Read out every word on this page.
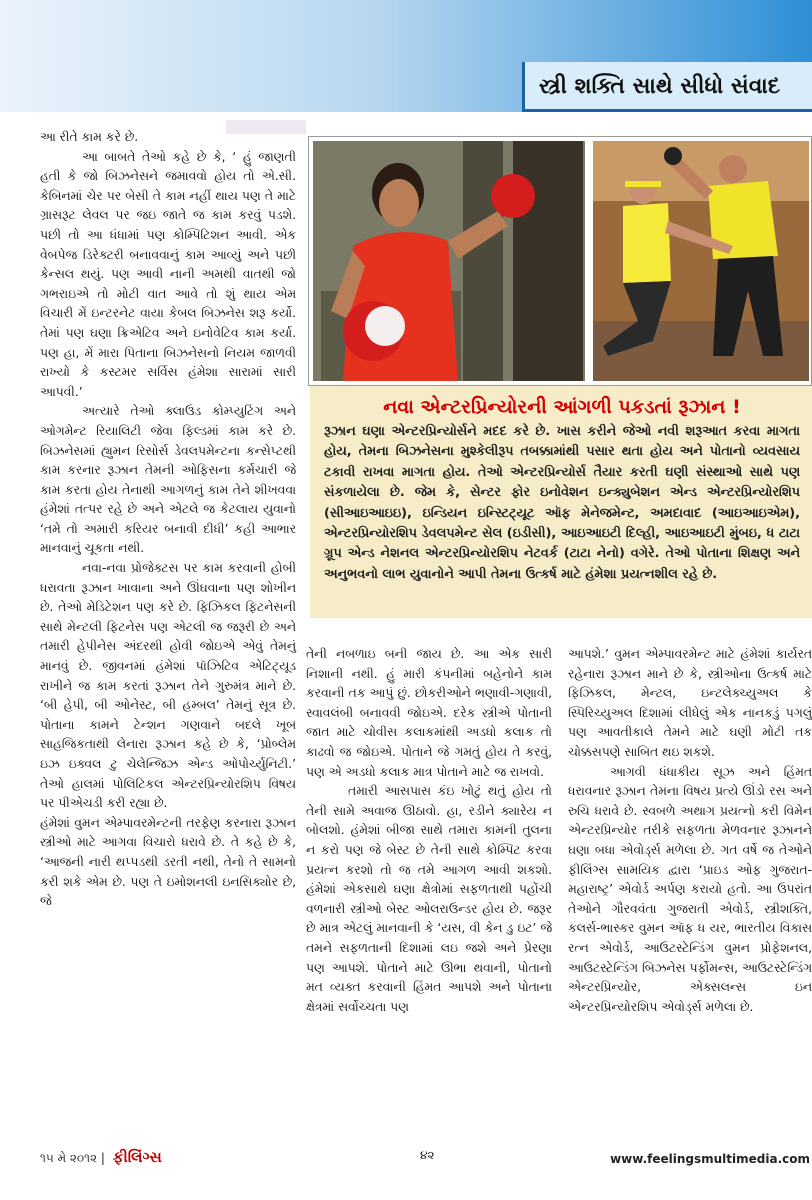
સ્ત્રી શક્તિ સાથે સીધો સંવાદ

આ રીતે કામ કરે છે.

આ બાબતે તેઓ કહે છે કે, ‘ હું જાણતી હતી કે જો બિઝનેસને જમાવવો હોય તો એ.સી. કેબિનમાં ચેર પર બેસી તે કામ નહીં થાય પણ તે માટે ગ્રાસરૂટ લેવલ પર જઇ જાતે જ કામ કરવું પડશે. પછી તો આ ધંધામાં પણ કોમ્પિટિશન આવી. એક વેબપેજ ડિરેક્ટરી બનાવવાનું કામ આવ્યું અને પછી કેન્સલ થયું. પણ આવી નાની અમથી વાતથી જો ગભરાઇએ તો મોટી વાત આવે તો શું થાય એમ વિચારી મેં ઇન્ટરનેટ વાયા કેબલ બિઝનેસ શરૂ કર્યો. તેમાં પણ ઘણા ક્રિએટિવ અને ઇનોવેટિવ કામ કર્યા. પણ હા, મેં મારા પિતાના બિઝનેસનો નિયમ જાળવી રાખ્યો કે કસ્ટમર સર્વિસ હંમેશા સારામાં સારી આપવી.’

અત્યારે તેઓ ક્લાઉડ કોમ્પ્યુટિંગ અને ઓગમેન્ટ રિયાલિટી જેવા ફિલ્ડમાં કામ કરે છે. બિઝનેસમાં હ્યુમન રિસોર્સ ડેવલપમેન્ટના કન્સેપ્ટથી કામ કરનાર રૂઝાન તેમની ઓફિસના કર્મચારી જે કામ કરતા હોય તેનાથી આગળનું કામ તેને શીખવવા હંમેશાં તત્પર રહે છે અને એટલે જ કેટલાય યુવાનો ‘તમે તો અમારી કરિયર બનાવી દીધી’ કહી આભાર માનવાનું ચૂકતા નથી.

નવા-નવા પ્રોજેક્ટસ પર કામ કરવાની હોબી ધરાવતા રૂઝાન ખાવાના અને ઊંઘવાના પણ શોખીન છે. તેઓ મેડિટેશન પણ કરે છે. ફિઝિકલ ફિટનેસની સાથે મેન્ટલી ફિટનેસ પણ એટલી જ જરૂરી છે અને તમારી હેપીનેસ અંદરથી હોવી જોઇએ એવું તેમનું માનવું છે. જીવનમાં હંમેશાં પૉઝિટિવ એટિટ્યૂડ રાખીને જ કામ કરતાં રૂઝાન તેને ગુરુમંત્ર માને છે. ‘બી હેપી, બી ઓનેસ્ટ, બી હમ્બલ’ તેમનું સૂત્ર છે. પોતાના કામને ટેન્શન ગણવાને બદલે ખૂબ સાહજિકતાથી લેનારા રૂઝાન કહે છે કે, ‘પ્રોબ્લેમ ઇઝ ઇક્વલ ટુ ચેલેન્જિઝ એન્ડ ઓપોર્ચ્યુનિટી.’ તેઓ હાલમાં પોલિટિકલ એન્ટરપ્રિન્યોરશિપ વિષય પર પીએચડી કરી રહ્યા છે.

હંમેશાં વુમન એમ્પાવરમેન્ટની તરફેણ કરનારા રૂઝાન સ્ત્રીઓ માટે આગવા વિચારો ધરાવે છે. તે કહે છે કે, ‘આજની નારી થપ્પડથી ડરતી નથી, તેનો તે સામનો કરી શકે એમ છે. પણ તે ઇમોશનલી ઇનસિક્યોર છે, જે

નવા એન્ટરપ્રિન્યોરની આંગળી પકડતાં રૂઝાન !
રૂઝાન ઘણા એન્ટરપ્રિન્યોર્સને મદદ કરે છે. ખાસ કરીને જેઓ નવી શરૂઆત કરવા માગતા હોય, તેમના બિઝનેસના મુશ્કેલીરૂપ તબક્કામાંથી પસાર થતા હોય અને પોતાનો વ્યવસાય ટકાવી રાખવા માગતા હોય. તેઓ એન્ટરપ્રિન્યોર્સ તૈયાર કરતી ઘણી સંસ્થાઓ સાથે પણ સંકળાયેલા છે. જેમ કે, સેન્ટર ફોર ઇનોવેશન ઇન્ક્યુબેશન એન્ડ એન્ટરપ્રિન્યોરશિપ (સીઆઇઆઇઇ), ઇન્ડિયન ઇન્સ્ટિટ્યૂટ ઑફ મેનેજમેન્ટ, અમદાવાદ (આઇઆઇએમ), એન્ટરપ્રિન્યોરશિપ ડેવલપમેન્ટ સેલ (ઇડીસી), આઇઆઇટી દિલ્હી, આઇઆઇટી મુંબઇ, ધ ટાટા ગ્રૂપ એન્ડ નેશનલ એન્ટરપ્રિન્યોરશિપ નેટવર્ક (ટાટા નેનો) વગેરે. તેઓ પોતાના શિક્ષણ અને અનુભવનો લાભ યુવાનોને આપી તેમના ઉત્કર્ષ માટે હંમેશા પ્રયત્નશીલ રહે છે.

તેની નબળાઇ બની જાય છે. આ એક સારી નિશાની નથી. હું મારી કંપનીમાં બહેનોને કામ કરવાની તક આપું છું. છોકરીઓને ભણાવી-ગણાવી, સ્વાવલંબી બનાવવી જોઇએ. દરેક સ્ત્રીએ પોતાની જાત માટે ચોવીસ કલાકમાંથી અડધો કલાક તો કાઢવો જ જોઇએ. પોતાને જે ગમતું હોય તે કરવું, પણ એ અડધો કલાક માત્ર પોતાને માટે જ રાખવો.

તમારી આસપાસ કંઇ ખોટું થતું હોય તો તેની સામે અવાજ ઊઠાવો. હા, રડીને ક્યારેય ન બોલશો. હંમેશાં બીજા સાથે તમારા કામની તુલના ન કરો પણ જે બેસ્ટ છે તેની સાથે કોમ્પિટ કરવા પ્રયત્ન કરશો તો જ તમે આગળ આવી શકશો. હંમેશાં એકસાથે ઘણા ક્ષેત્રોમાં સફળતાથી પહોંચી વળનારી સ્ત્રીઓ બેસ્ટ ઓલરાઉન્ડર હોય છે. જરૂર છે માત્ર એટલું માનવાની કે ‘યસ, વી કેન ડુ ઇટ’ જે તમને સફળતાની દિશામાં લઇ જશે અને પ્રેરણા પણ આપશે. પોતાને માટે ઊભા થવાની, પોતાનો મત વ્યક્ત કરવાની હિંમત આપશે અને પોતાના ક્ષેત્રમાં સર્વોચ્ચતા પણ

આપશે.’ વુમન એમ્પાવરમેન્ટ માટે હંમેશાં કાર્યરત રહેનારા રૂઝાન માને છે કે, સ્ત્રીઓના ઉત્કર્ષ માટે ફિઝિકલ, મેન્ટલ, ઇન્ટલેક્ચ્યુઅલ કે સ્પિરિચ્યુઅલ દિશામાં લીધેલું એક નાનકડું પગલું પણ આવતીકાલે તેમને માટે ઘણી મોટી તક ચોક્કસપણે સાબિત થઇ શકશે.

આગવી ધંધાકીય સૂઝ અને હિંમત ધરાવનાર રૂઝાન તેમના વિષય પ્રત્યે ઊંડો રસ અને રુચિ ધરાવે છે. સ્વબળે અથાગ પ્રયત્નો કરી વિમેન એન્ટરપ્રિન્યોર તરીકે સફળતા મેળવનાર રૂઝાનને ઘણા બધા એવોર્ડ્સ મળેલા છે. ગત વર્ષે જ તેઓને ફીલિંગ્સ સામયિક દ્વારા ‘પ્રાઇડ ઓફ ગુજરાત-મહારાષ્ટ્ર’ એવોર્ડ અર્પણ કરાયો હતો. આ ઉપરાંત તેઓને ગૌરવવંતા ગુજરાતી એવોર્ડ, સ્ત્રીશક્તિ, કલર્સ-ભાસ્કર વુમન ઑફ ધ યર, ભારતીય વિકાસ રત્ન એવોર્ડ, આઉટસ્ટેન્ડિંગ વુમન પ્રોફેશનલ, આઉટસ્ટેન્ડિંગ બિઝનેસ પર્ફોમન્સ, આઉટસ્ટેન્ડિંગ એન્ટરપ્રિન્યોર, એક્સલન્સ ઇન એન્ટરપ્રિન્યોરશિપ એવોર્ડ્સ મળેલા છે.

૧૫ મે ૨૦૧૨ | ફીલિંગ્સ	૪૨	www.feelingsmultimedia.com
